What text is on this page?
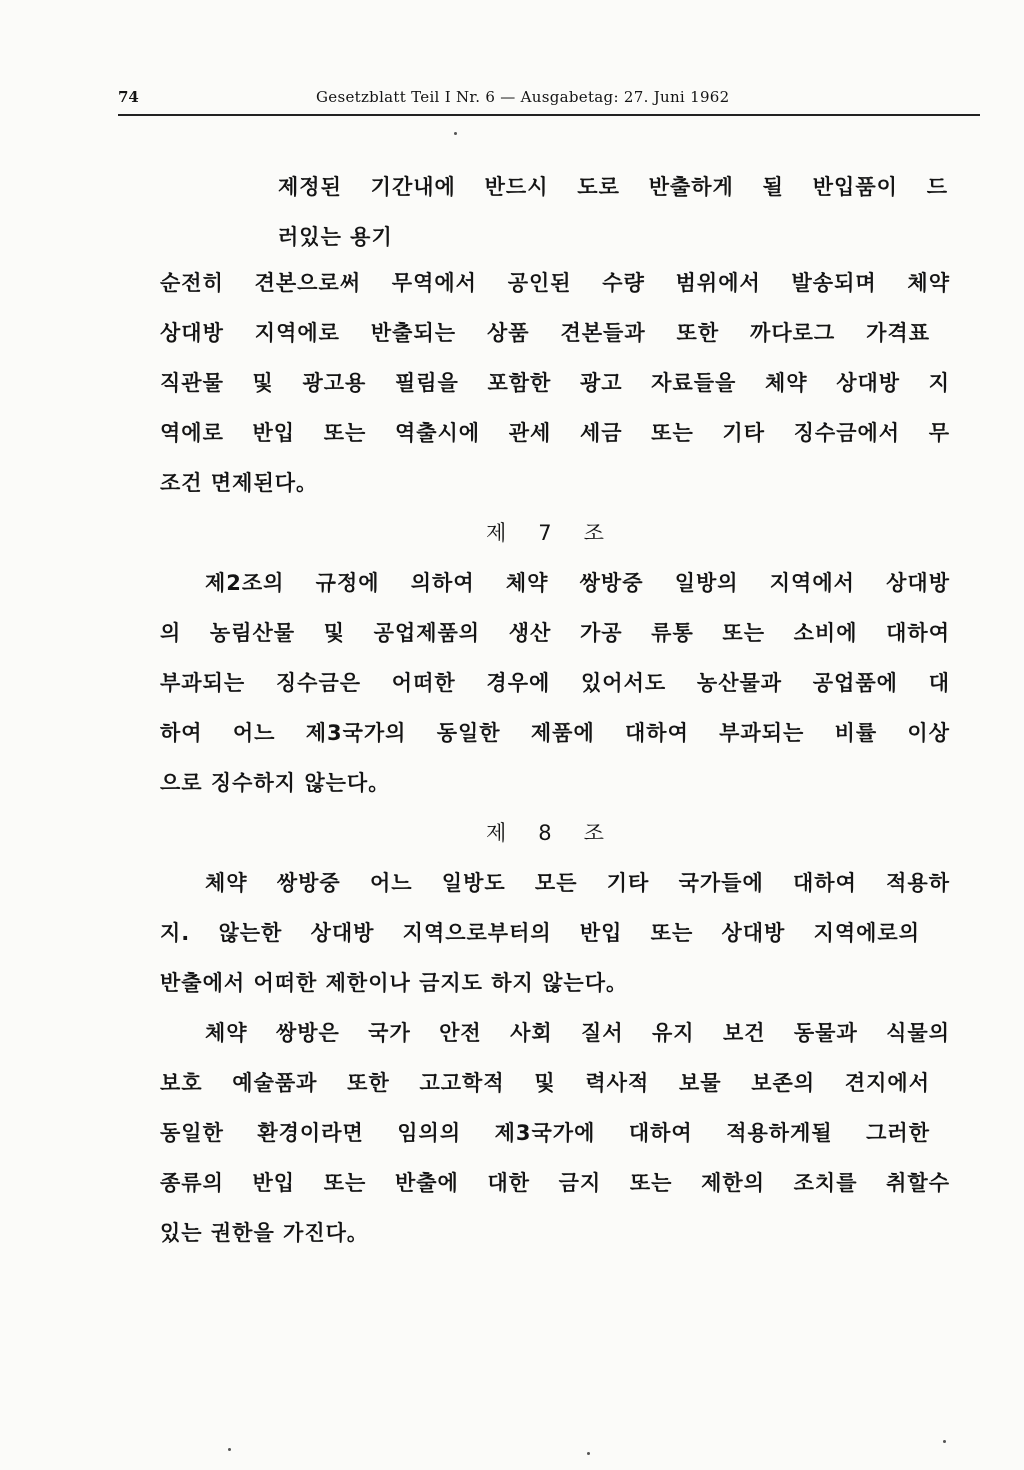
74	Gesetzblatt Teil I Nr. 6 — Ausgabetag: 27. Juni 1962
제정된 기간내에 반드시 도로 반출하게 될 반입품이 드
러있는 용기
순전히 견본으로써 무역에서 공인된 수량 범위에서 발송되며 체약
상대방 지역에로 반출되는 상품 견본들과 또한 까다로그 가격표
직관물 및 광고용 필림을 포함한 광고 자료들을 체약 상대방 지
역에로 반입 또는 역출시에 관세 세금 또는 기타 징수금에서 무
조건 면제된다。
제 7 조
제2조의 규정에 의하여 체약 쌍방중 일방의 지역에서 상대방
의 농림산물 및 공업제품의 생산 가공 류통 또는 소비에 대하여
부과되는 징수금은 어떠한 경우에 있어서도 농산물과 공업품에 대
하여 어느 제3국가의 동일한 제품에 대하여 부과되는 비률 이상
으로 징수하지 않는다。
제 8 조
체약 쌍방중 어느 일방도 모든 기타 국가들에 대하여 적용하
지. 않는한 상대방 지역으로부터의 반입 또는 상대방 지역에로의
반출에서 어떠한 제한이나 금지도 하지 않는다。
체약 쌍방은 국가 안전 사회 질서 유지 보건 동물과 식물의
보호 예술품과 또한 고고학적 및 력사적 보물 보존의 견지에서
동일한 환경이라면 임의의 제3국가에 대하여 적용하게될 그러한
종류의 반입 또는 반출에 대한 금지 또는 제한의 조치를 취할수
있는 권한을 가진다。
